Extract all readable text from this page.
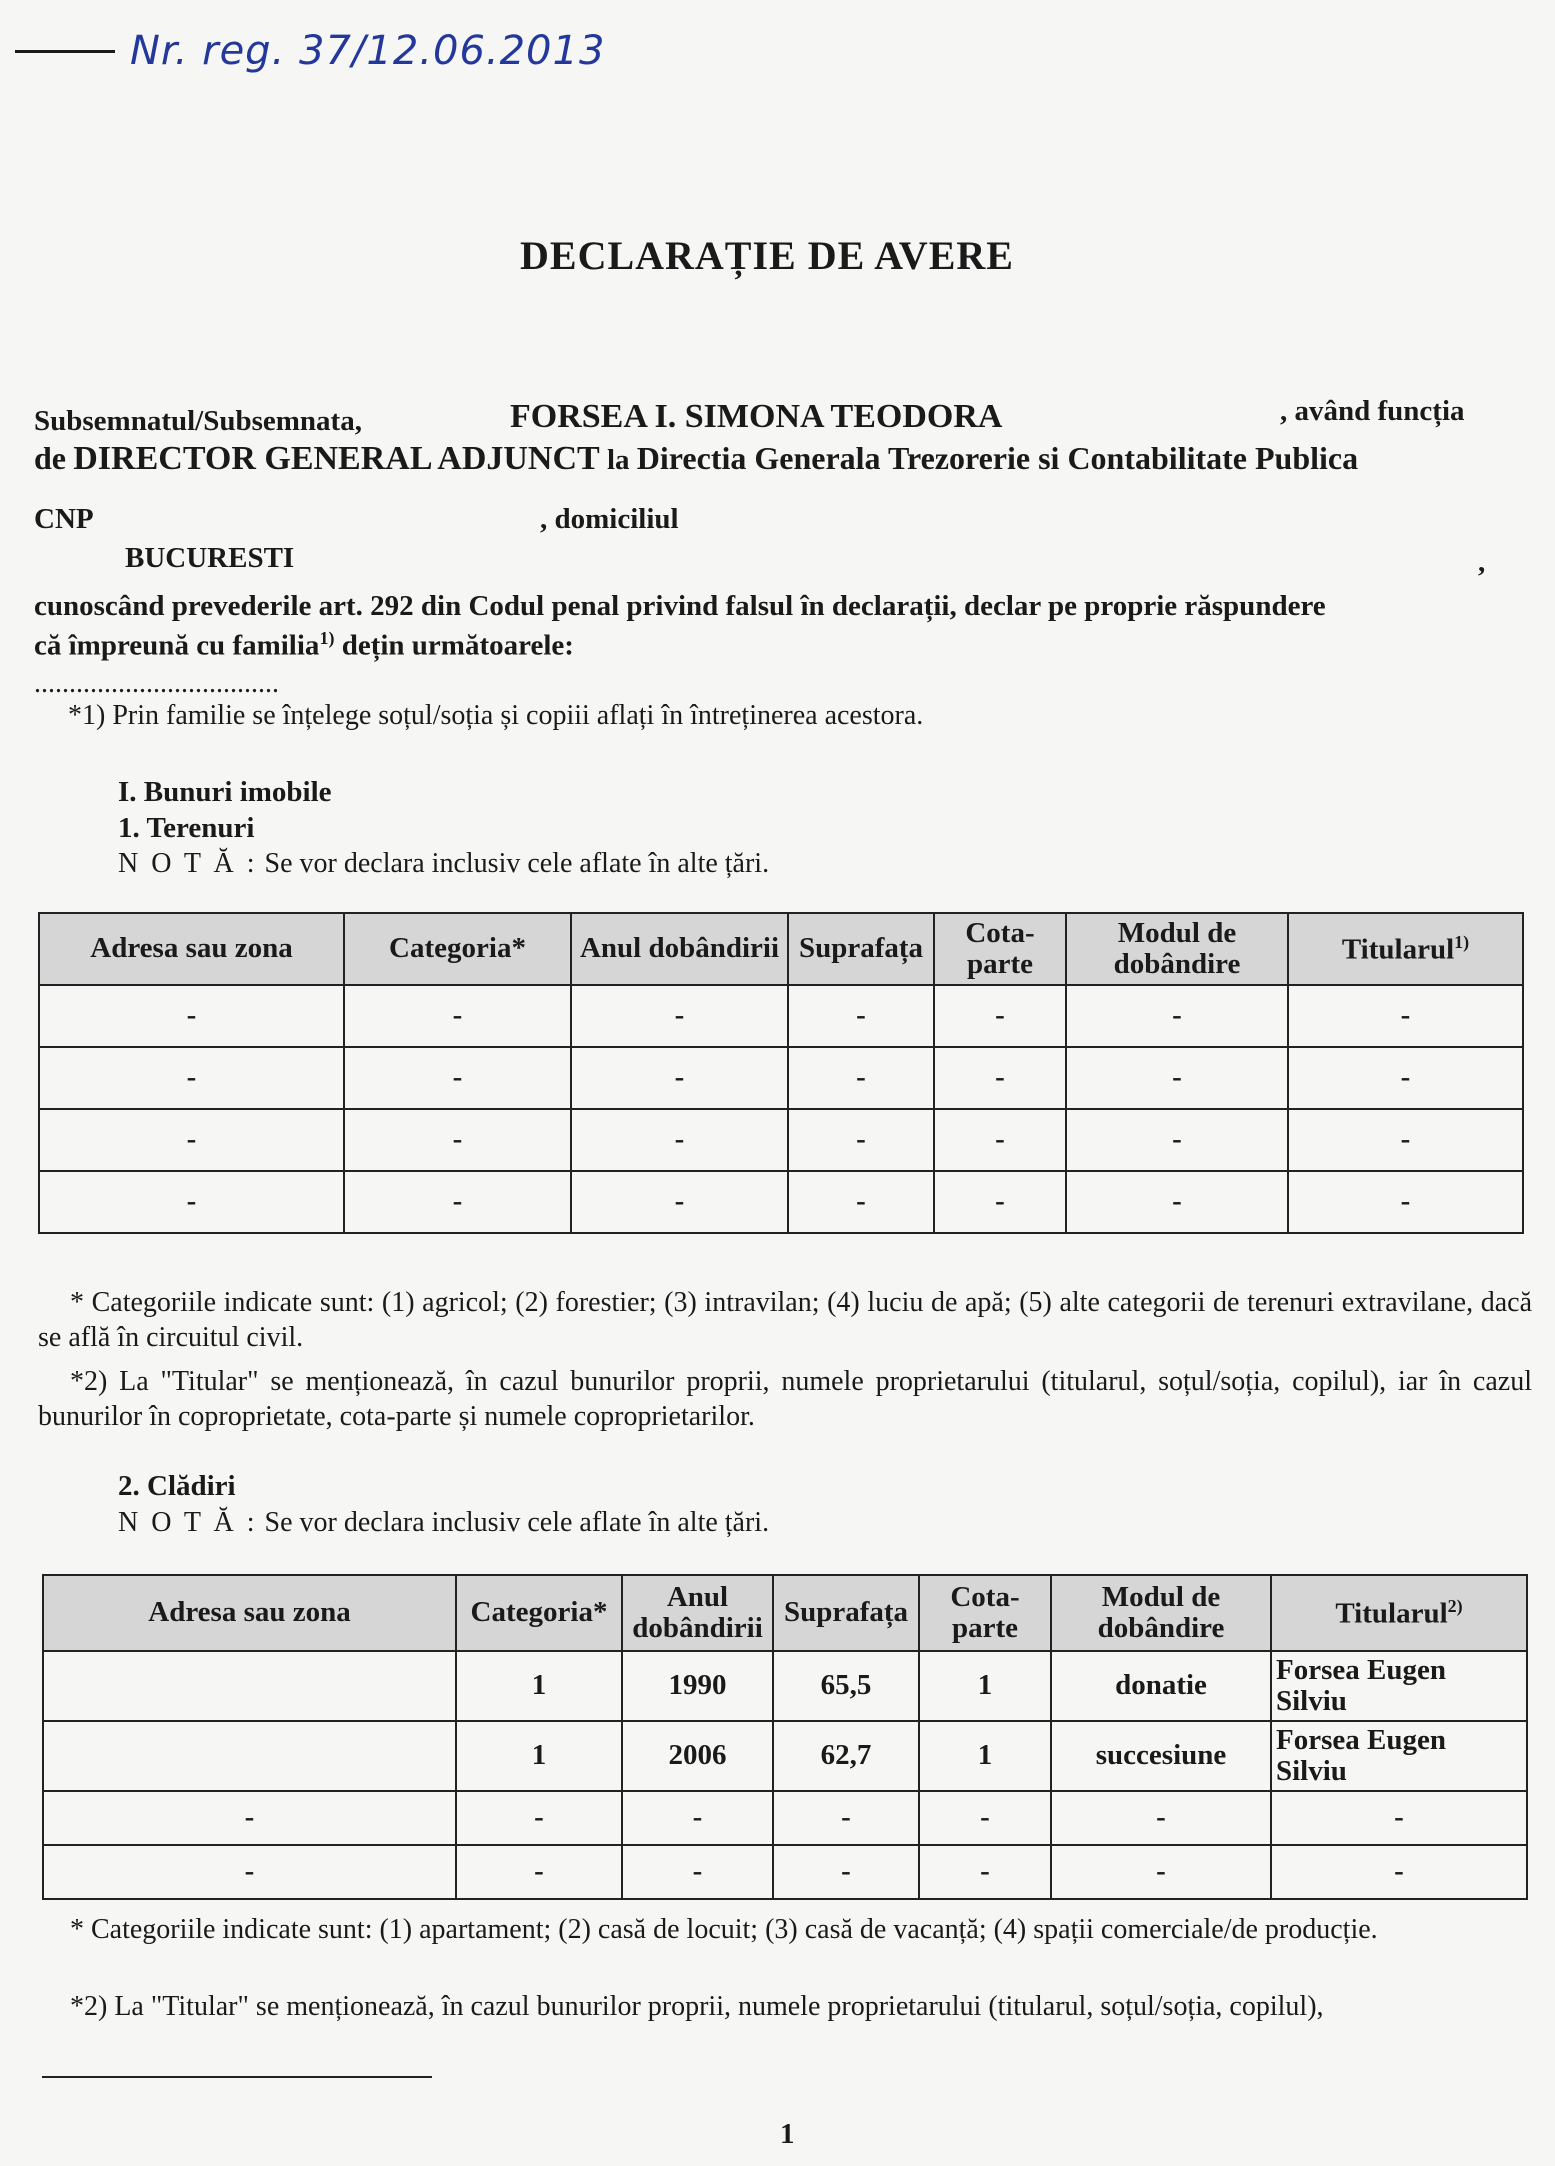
Nr. reg. 37/12.06.2013
DECLARAȚIE DE AVERE
Subsemnatul/Subsemnata,	FORSEA I. SIMONA TEODORA	, având funcția
de DIRECTOR GENERAL ADJUNCT la Directia Generala Trezorerie si Contabilitate Publica
CNP	, domiciliul
BUCURESTI	,
cunoscând prevederile art. 292 din Codul penal privind falsul în declarații, declar pe proprie răspundere
că împreună cu familia$^{1)}$ dețin următoarele:
...................................
*1) Prin familie se înțelege soțul/soția și copiii aflați în întreținerea acestora.
I. Bunuri imobile
1. Terenuri
N O T Ă : Se vor declara inclusiv cele aflate în alte țări.
Adresa sau zona	Categoria*	Anul dobândirii	Suprafața	Cota-parte	Modul de dobândire	Titularul$^{1)}$
-	-	-	-	-	-	-
-	-	-	-	-	-	-
-	-	-	-	-	-	-
-	-	-	-	-	-	-
* Categoriile indicate sunt: (1) agricol; (2) forestier; (3) intravilan; (4) luciu de apă; (5) alte categorii de terenuri extravilane, dacă se află în circuitul civil.
*2) La "Titular" se menționează, în cazul bunurilor proprii, numele proprietarului (titularul, soțul/soția, copilul), iar în cazul bunurilor în coproprietate, cota-parte și numele coproprietarilor.
2. Clădiri
N O T Ă : Se vor declara inclusiv cele aflate în alte țări.
Adresa sau zona	Categoria*	Anul dobândirii	Suprafața	Cota-parte	Modul de dobândire	Titularul$^{2)}$
	1	1990	65,5	1	donatie	Forsea Eugen Silviu
	1	2006	62,7	1	succesiune	Forsea Eugen Silviu
-	-	-	-	-	-	-
-	-	-	-	-	-	-
* Categoriile indicate sunt: (1) apartament; (2) casă de locuit; (3) casă de vacanță; (4) spații comerciale/de producție.
*2) La "Titular" se menționează, în cazul bunurilor proprii, numele proprietarului (titularul, soțul/soția, copilul),
1
